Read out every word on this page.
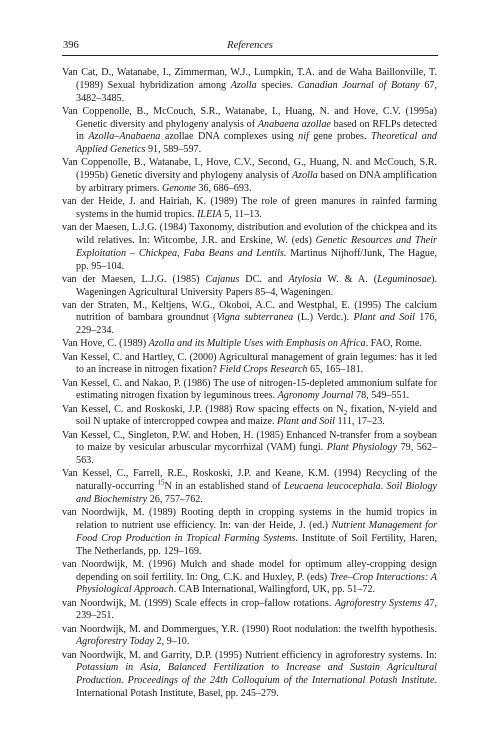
396	References

Van Cat, D., Watanabe, I., Zimmerman, W.J., Lumpkin, T.A. and de Waha Baillonville, T. (1989) Sexual hybridization among Azolla species. Canadian Journal of Botany 67, 3482–3485.

Van Coppenolle, B., McCouch, S.R., Watanabe, I., Huang, N. and Hove, C.V. (1995a) Genetic diversity and phylogeny analysis of Anabaena azollae based on RFLPs detected in Azolla–Anabaena azollae DNA complexes using nif gene probes. Theoretical and Applied Genetics 91, 589–597.

Van Coppenolle, B., Watanabe, I., Hove, C.V., Second, G., Huang, N. and McCouch, S.R. (1995b) Genetic diversity and phylogeny analysis of Azolla based on DNA amplification by arbitrary primers. Genome 36, 686–693.

van der Heide, J. and Hairiah, K. (1989) The role of green manures in rainfed farming systems in the humid tropics. ILEIA 5, 11–13.

van der Maesen, L.J.G. (1984) Taxonomy, distribution and evolution of the chickpea and its wild relatives. In: Witcombe, J.R. and Erskine, W. (eds) Genetic Resources and Their Exploitation – Chickpea, Faba Beans and Lentils. Martinus Nijhoff/Junk, The Hague, pp. 95–104.

van der Maesen, L.J.G. (1985) Cajanus DC. and Atylosia W. & A. (Leguminosae). Wageningen Agricultural University Papers 85–4, Wageningen.

van der Straten, M., Keltjens, W.G., Okoboi, A.C. and Westphal, E. (1995) The calcium nutrition of bambara groundnut (Vigna subterranea (L.) Verdc.). Plant and Soil 176, 229–234.

Van Hove, C. (1989) Azolla and its Multiple Uses with Emphasis on Africa. FAO, Rome.

Van Kessel, C. and Hartley, C. (2000) Agricultural management of grain legumes: has it led to an increase in nitrogen fixation? Field Crops Research 65, 165–181.

Van Kessel, C. and Nakao, P. (1986) The use of nitrogen-15-depleted ammonium sulfate for estimating nitrogen fixation by leguminous trees. Agronomy Journal 78, 549–551.

Van Kessel, C. and Roskoski, J.P. (1988) Row spacing effects on $N_2$ fixation, N-yield and soil N uptake of intercropped cowpea and maize. Plant and Soil 111, 17–23.

Van Kessel, C., Singleton, P.W. and Hoben, H. (1985) Enhanced N-transfer from a soybean to maize by vesicular arbuscular mycorrhizal (VAM) fungi. Plant Physiology 79, 562–563.

Van Kessel, C., Farrell, R.E., Roskoski, J.P. and Keane, K.M. (1994) Recycling of the naturally-occurring $^{15}$N in an established stand of Leucaena leucocephala. Soil Biology and Biochemistry 26, 757–762.

van Noordwijk, M. (1989) Rooting depth in cropping systems in the humid tropics in relation to nutrient use efficiency. In: van der Heide, J. (ed.) Nutrient Management for Food Crop Production in Tropical Farming Systems. Institute of Soil Fertility, Haren, The Netherlands, pp. 129–169.

van Noordwijk, M. (1996) Mulch and shade model for optimum alley-cropping design depending on soil fertility. In: Ong, C.K. and Huxley, P. (eds) Tree–Crop Interactions: A Physiological Approach. CAB International, Wallingford, UK, pp. 51–72.

van Noordwijk, M. (1999) Scale effects in crop–fallow rotations. Agroforestry Systems 47, 239–251.

van Noordwijk, M. and Dommergues, Y.R. (1990) Root nodulation: the twelfth hypothesis. Agroforestry Today 2, 9–10.

van Noordwijk, M. and Garrity, D.P. (1995) Nutrient efficiency in agroforestry systems. In: Potassium in Asia, Balanced Fertilization to Increase and Sustain Agricultural Production. Proceedings of the 24th Colloquium of the International Potash Institute. International Potash Institute, Basel, pp. 245–279.
